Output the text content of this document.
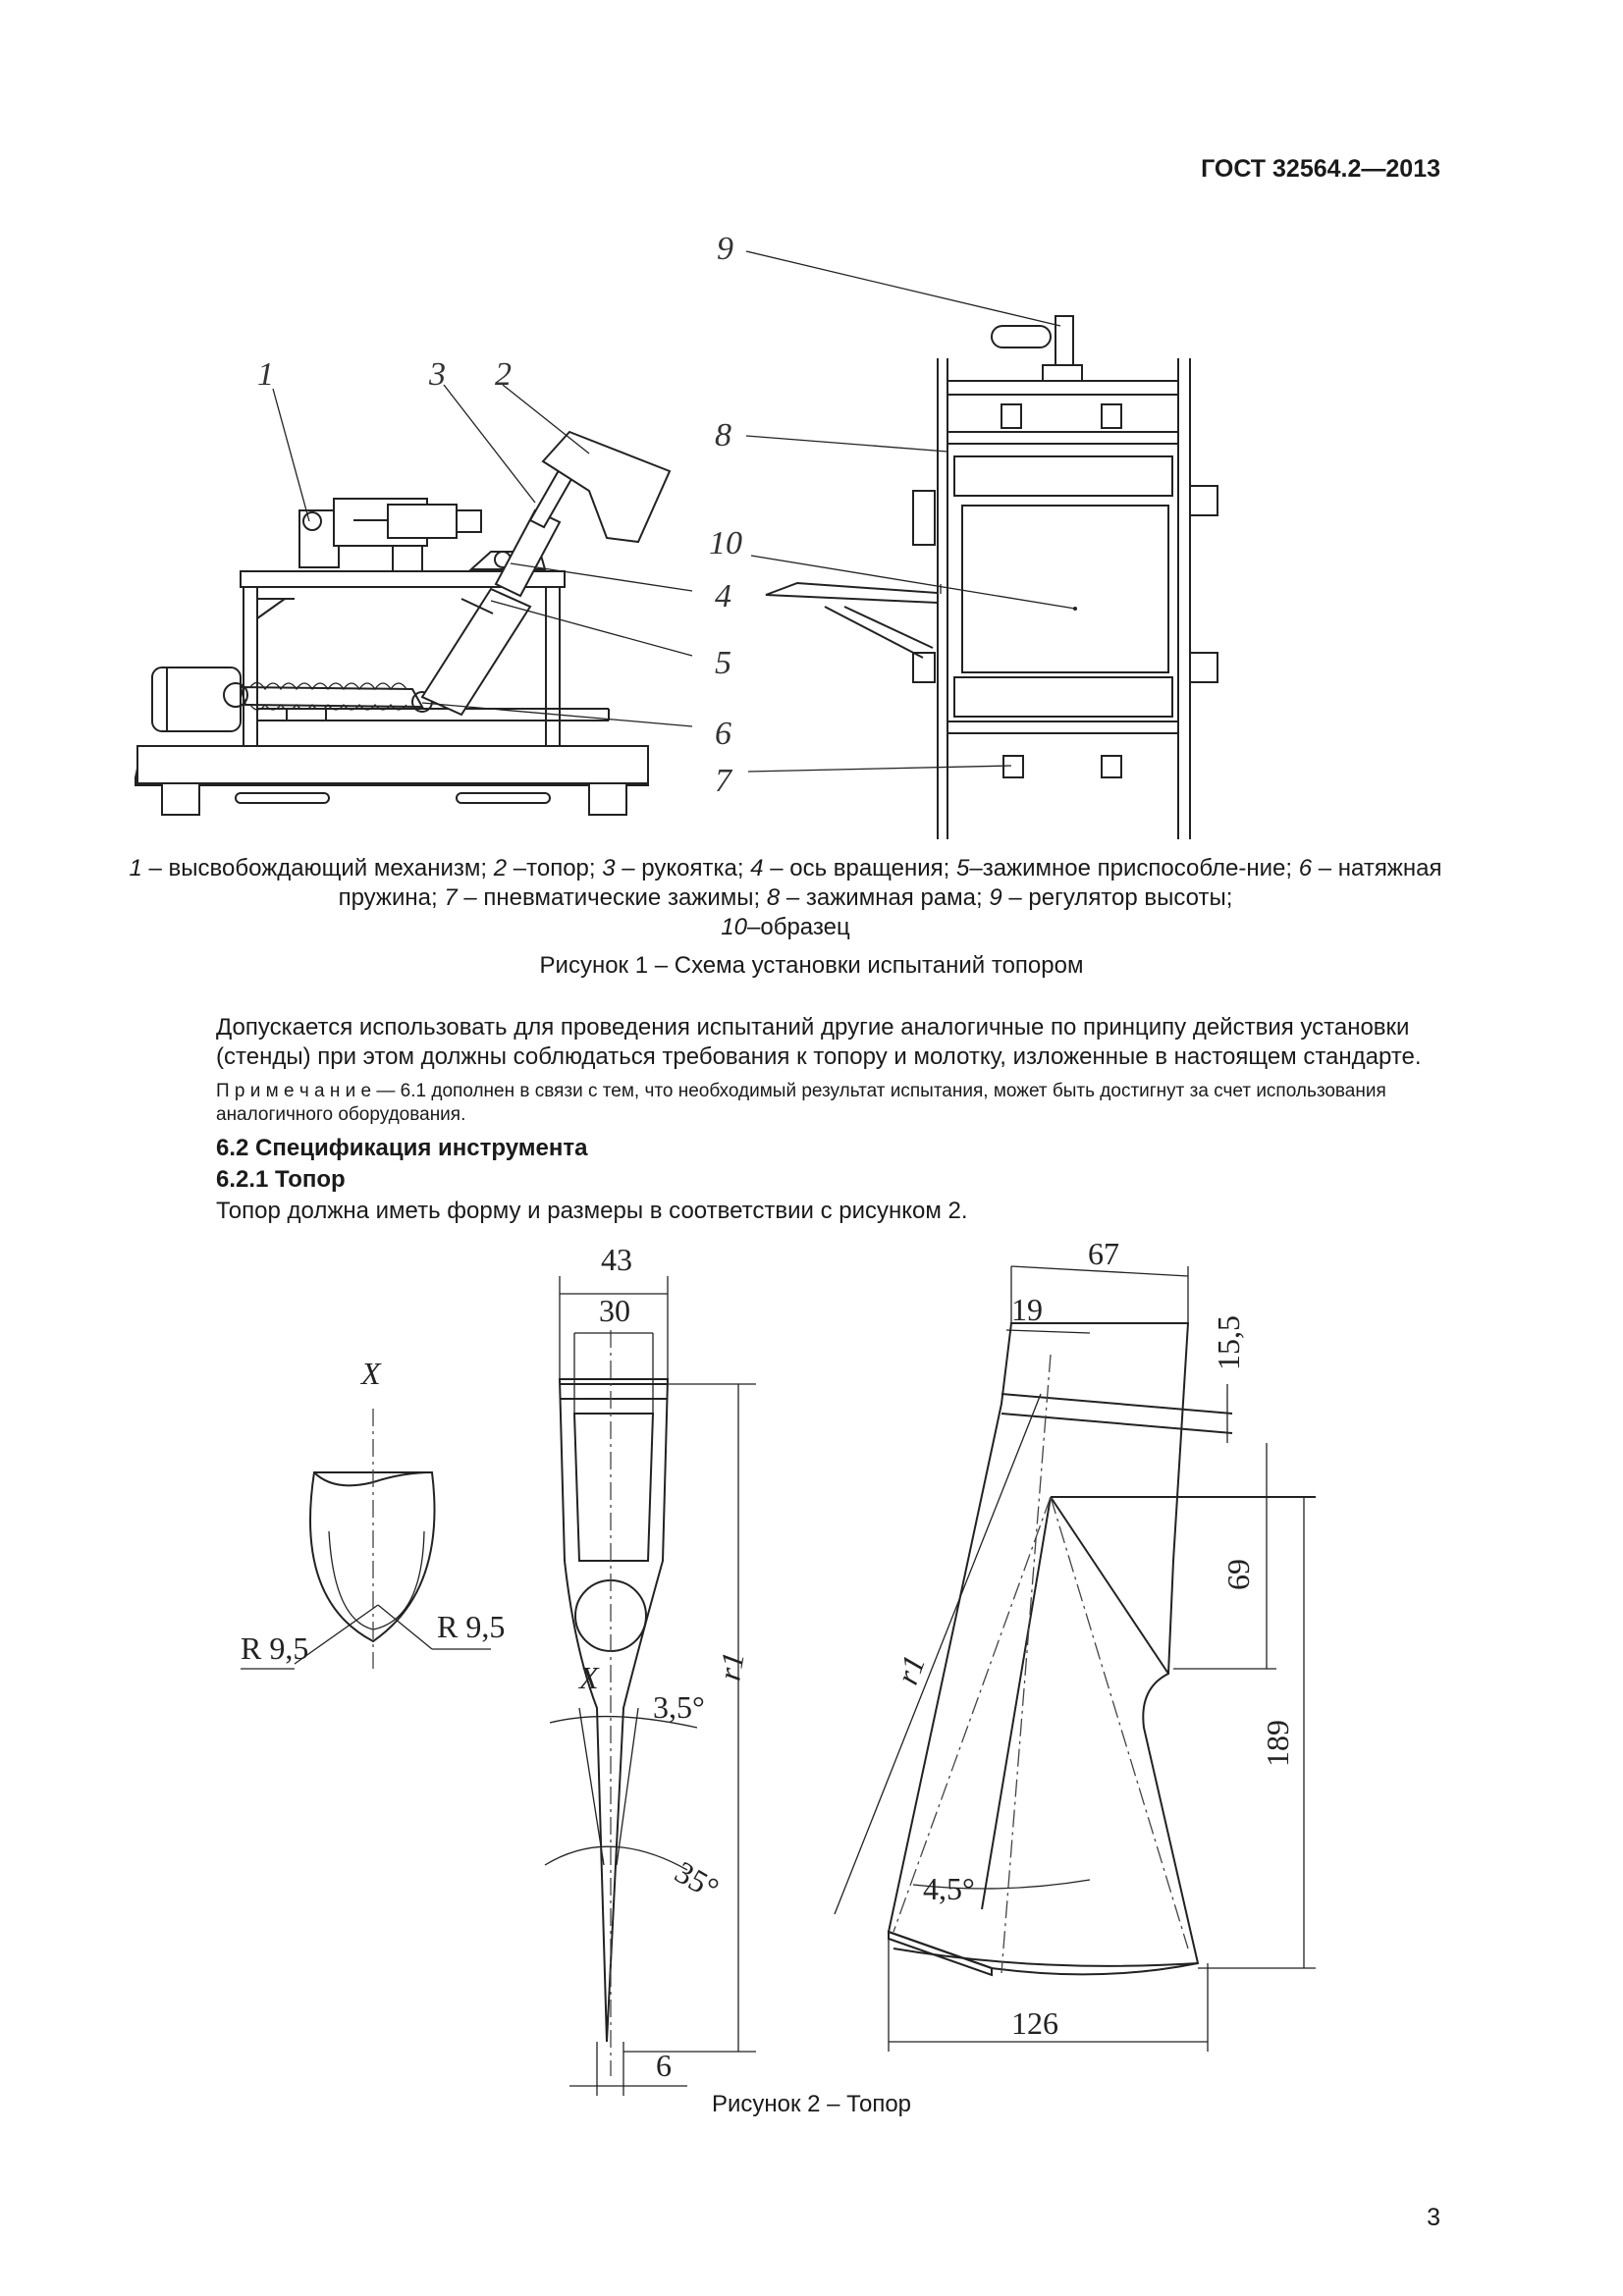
ГОСТ 32564.2—2013
1	2
3
4
5
6
7
8
9
10
1 – высвобождающий механизм; 2 –топор; 3 – рукоятка; 4 – ось вращения; 5–зажимное приспособле-ние; 6 – натяжная пружина; 7 – пневматические зажимы; 8 – зажимная рама; 9 – регулятор высоты;
10–образец
Рисунок 1 – Схема установки испытаний топором
Допускается использовать для проведения испытаний другие аналогичные по принципу действия установки (стенды) при этом должны соблюдаться требования к топору и молотку, изложенные в настоящем стандарте.
П р и м е ч а н и е — 6.1 дополнен в связи с тем, что необходимый результат испытания, может быть достигнут за счет использования аналогичного оборудования.
6.2 Спецификация инструмента
6.2.1 Топор
Топор должна иметь форму и размеры в соответствии с рисунком 2.
X
R 9,5
R 9,5
43
30
X	r1
3,5°
35°
6
67
19
15,5
69
189
126
4,5°
r1
Рисунок 2 – Топор
3
